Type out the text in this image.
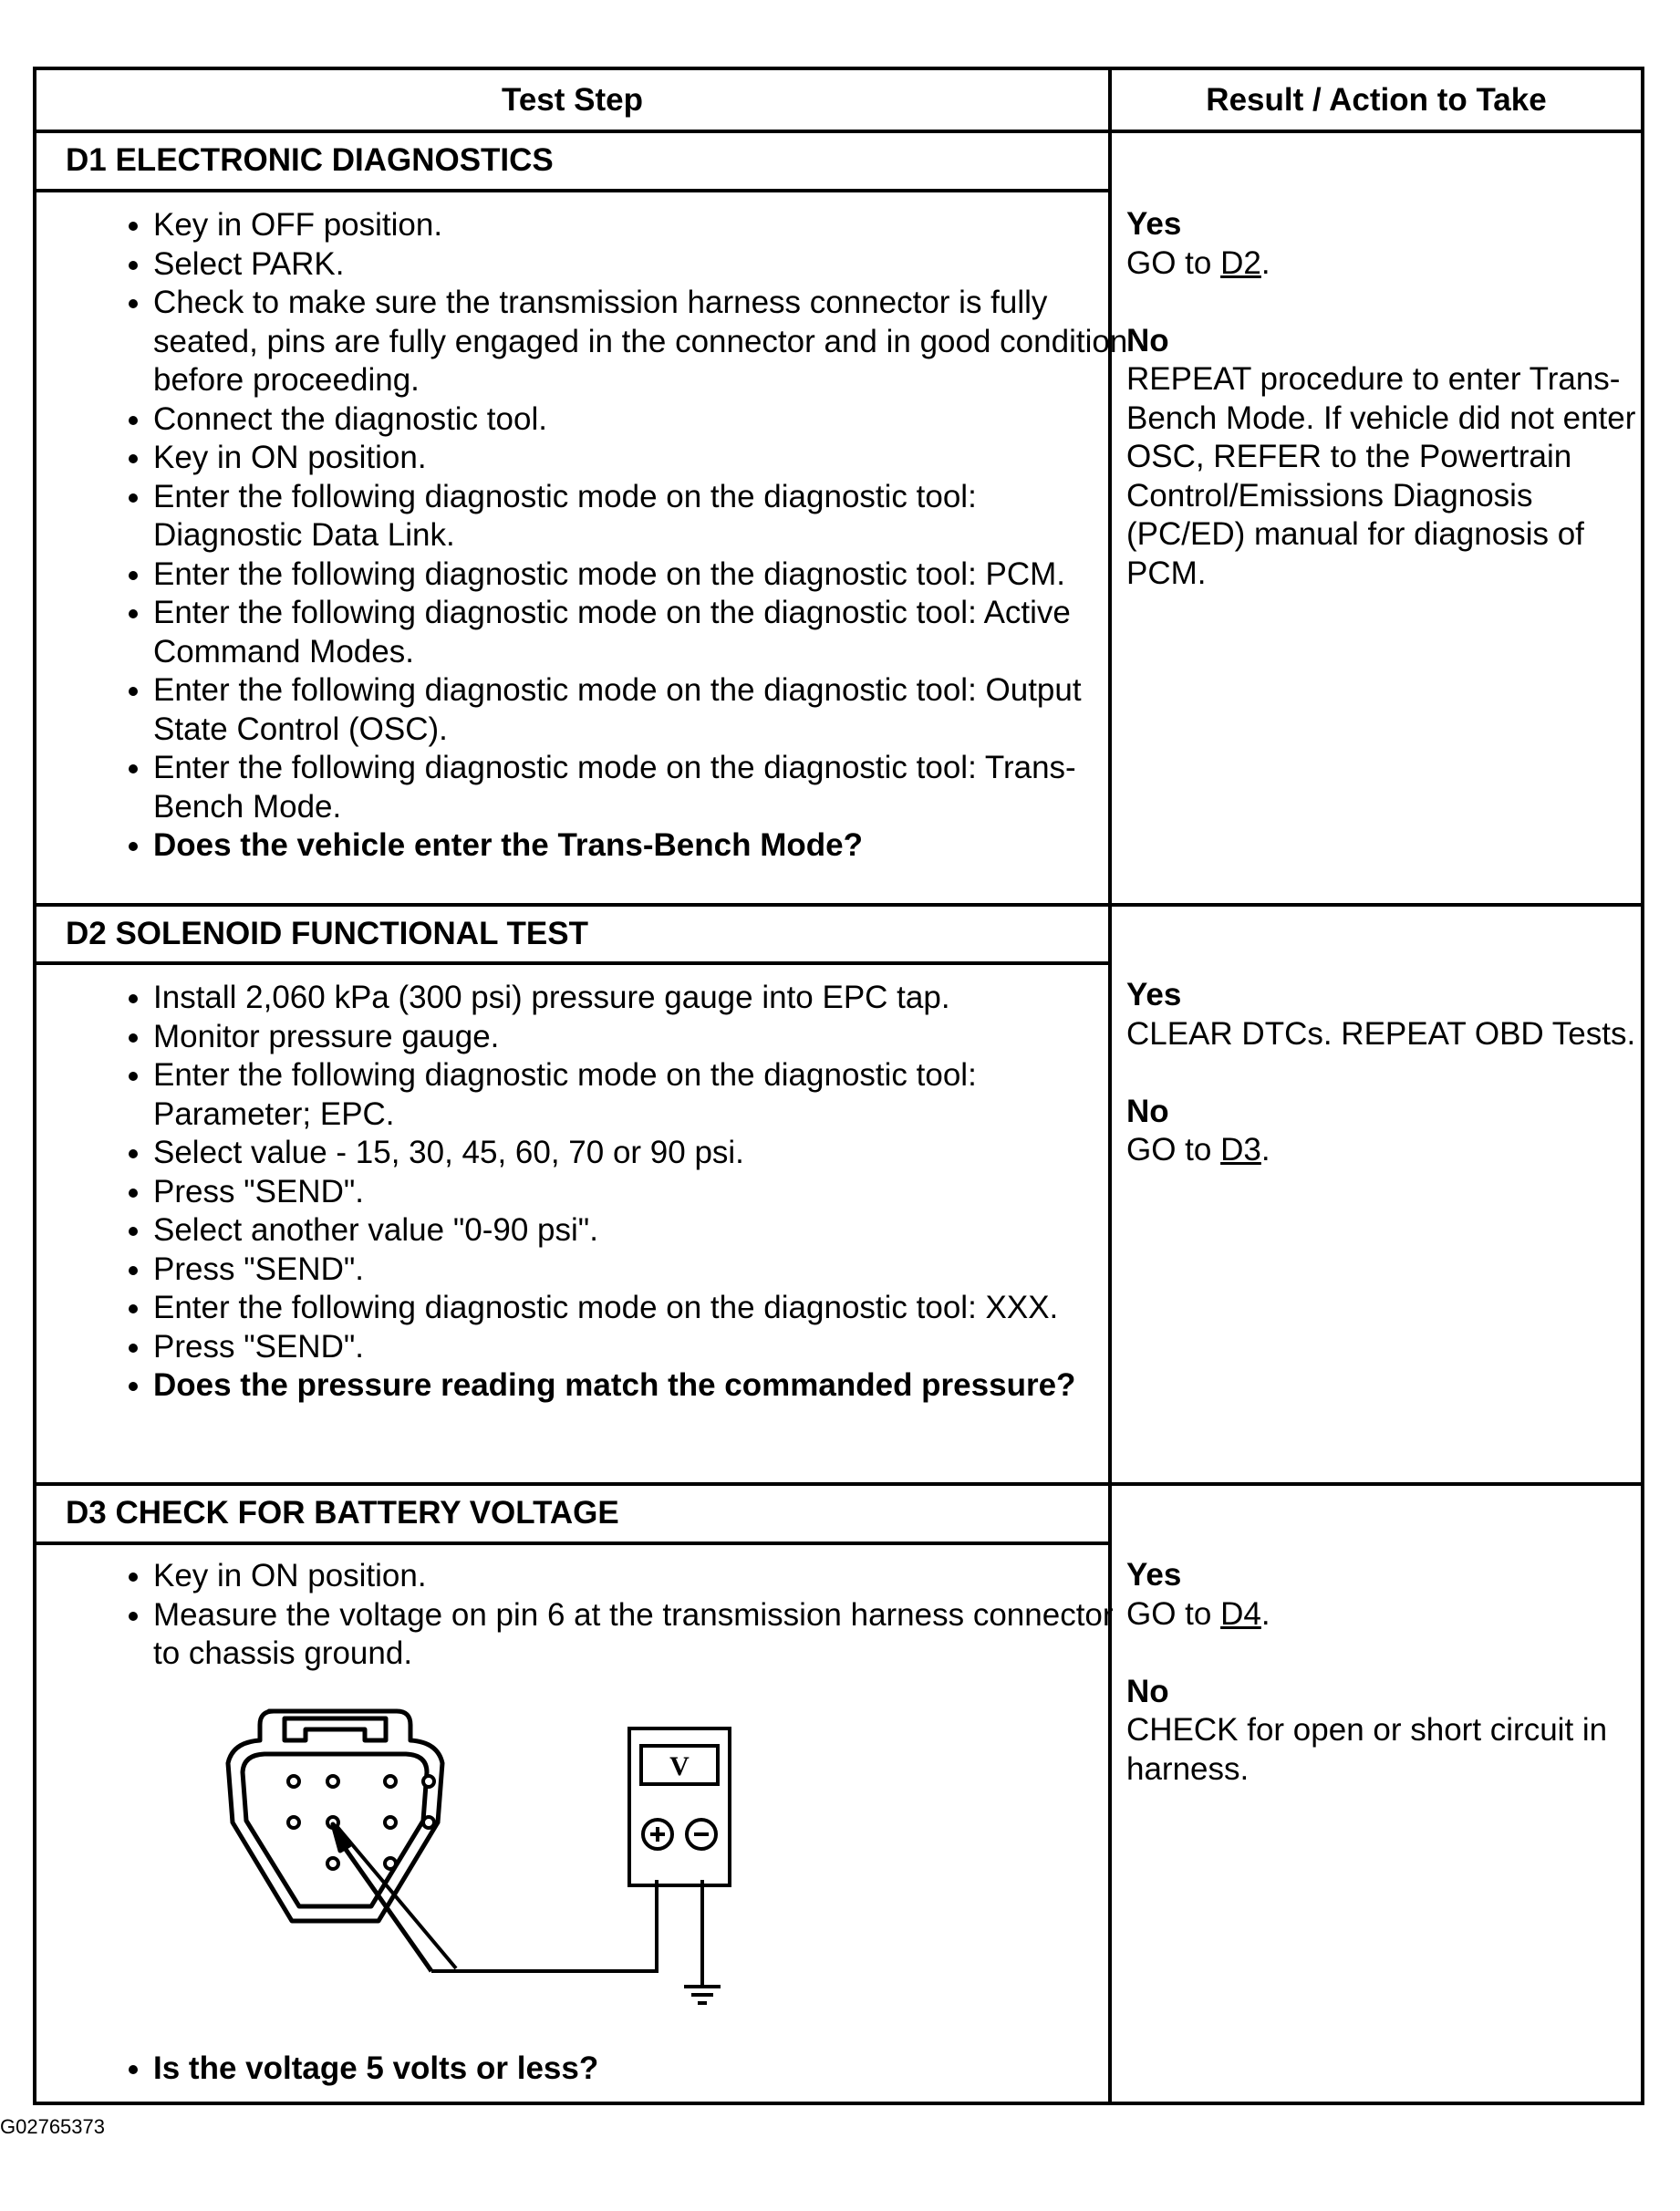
Test Step	Result / Action to Take
D1 ELECTRONIC DIAGNOSTICS
• Key in OFF position.
• Select PARK.
• Check to make sure the transmission harness connector is fully seated, pins are fully engaged in the connector and in good condition before proceeding.
• Connect the diagnostic tool.
• Key in ON position.
• Enter the following diagnostic mode on the diagnostic tool: Diagnostic Data Link.
• Enter the following diagnostic mode on the diagnostic tool: PCM.
• Enter the following diagnostic mode on the diagnostic tool: Active Command Modes.
• Enter the following diagnostic mode on the diagnostic tool: Output State Control (OSC).
• Enter the following diagnostic mode on the diagnostic tool: Trans-Bench Mode.
• Does the vehicle enter the Trans-Bench Mode?
Yes
GO to D2.
No
REPEAT procedure to enter Trans-Bench Mode. If vehicle did not enter OSC, REFER to the Powertrain Control/Emissions Diagnosis (PC/ED) manual for diagnosis of PCM.
D2 SOLENOID FUNCTIONAL TEST
• Install 2,060 kPa (300 psi) pressure gauge into EPC tap.
• Monitor pressure gauge.
• Enter the following diagnostic mode on the diagnostic tool: Parameter; EPC.
• Select value - 15, 30, 45, 60, 70 or 90 psi.
• Press "SEND".
• Select another value "0-90 psi".
• Press "SEND".
• Enter the following diagnostic mode on the diagnostic tool: XXX.
• Press "SEND".
• Does the pressure reading match the commanded pressure?
Yes
CLEAR DTCs. REPEAT OBD Tests.
No
GO to D3.
D3 CHECK FOR BATTERY VOLTAGE
• Key in ON position.
• Measure the voltage on pin 6 at the transmission harness connector to chassis ground.
• Is the voltage 5 volts or less?
Yes
GO to D4.
No
CHECK for open or short circuit in harness.
V
G02765373
